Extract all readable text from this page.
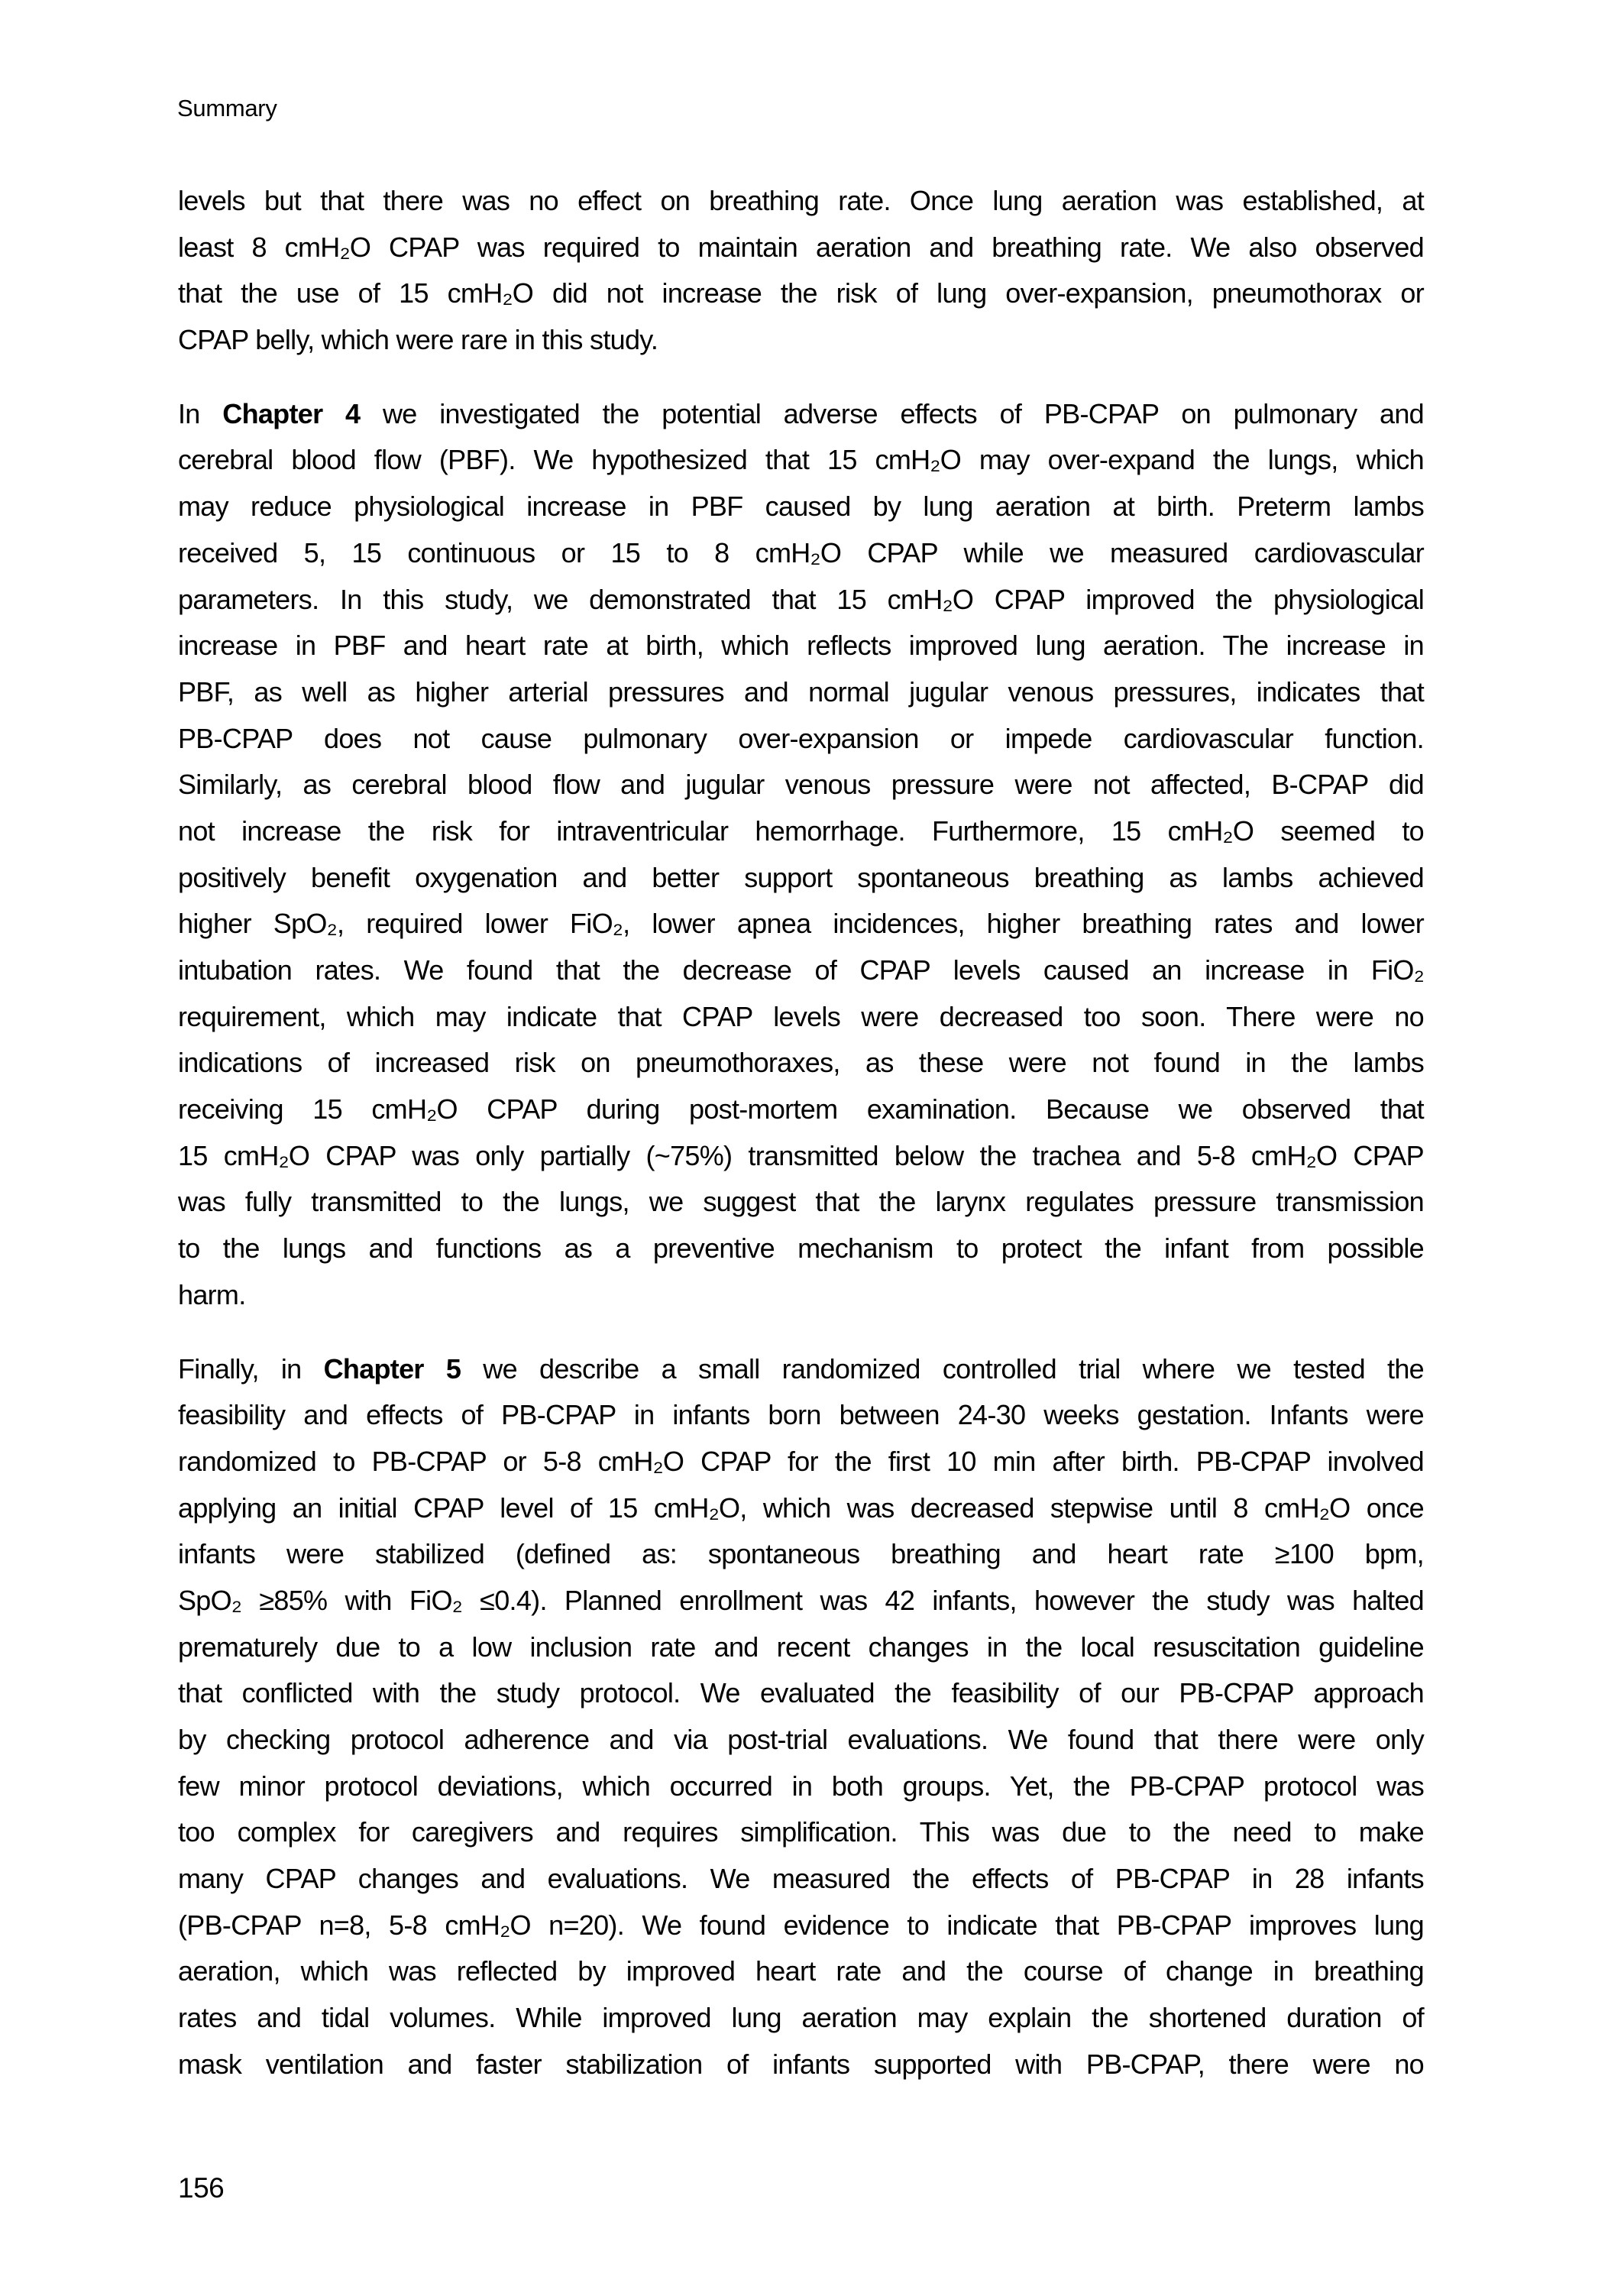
Summary
levels but that there was no effect on breathing rate. Once lung aeration was established, at
least 8 cmH₂O CPAP was required to maintain aeration and breathing rate. We also observed
that the use of 15 cmH₂O did not increase the risk of lung over-expansion, pneumothorax or
CPAP belly, which were rare in this study.
In Chapter 4 we investigated the potential adverse effects of PB-CPAP on pulmonary and
cerebral blood flow (PBF). We hypothesized that 15 cmH₂O may over-expand the lungs, which
may reduce physiological increase in PBF caused by lung aeration at birth. Preterm lambs
received 5, 15 continuous or 15 to 8 cmH₂O CPAP while we measured cardiovascular
parameters. In this study, we demonstrated that 15 cmH₂O CPAP improved the physiological
increase in PBF and heart rate at birth, which reflects improved lung aeration. The increase in
PBF, as well as higher arterial pressures and normal jugular venous pressures, indicates that
PB-CPAP does not cause pulmonary over-expansion or impede cardiovascular function.
Similarly, as cerebral blood flow and jugular venous pressure were not affected, B-CPAP did
not increase the risk for intraventricular hemorrhage. Furthermore, 15 cmH₂O seemed to
positively benefit oxygenation and better support spontaneous breathing as lambs achieved
higher SpO₂, required lower FiO₂, lower apnea incidences, higher breathing rates and lower
intubation rates. We found that the decrease of CPAP levels caused an increase in FiO₂
requirement, which may indicate that CPAP levels were decreased too soon. There were no
indications of increased risk on pneumothoraxes, as these were not found in the lambs
receiving 15 cmH₂O CPAP during post-mortem examination. Because we observed that
15 cmH₂O CPAP was only partially (~75%) transmitted below the trachea and 5-8 cmH₂O CPAP
was fully transmitted to the lungs, we suggest that the larynx regulates pressure transmission
to the lungs and functions as a preventive mechanism to protect the infant from possible
harm.
Finally, in Chapter 5 we describe a small randomized controlled trial where we tested the
feasibility and effects of PB-CPAP in infants born between 24-30 weeks gestation. Infants were
randomized to PB-CPAP or 5-8 cmH₂O CPAP for the first 10 min after birth. PB-CPAP involved
applying an initial CPAP level of 15 cmH₂O, which was decreased stepwise until 8 cmH₂O once
infants were stabilized (defined as: spontaneous breathing and heart rate ≥100 bpm,
SpO₂ ≥85% with FiO₂ ≤0.4). Planned enrollment was 42 infants, however the study was halted
prematurely due to a low inclusion rate and recent changes in the local resuscitation guideline
that conflicted with the study protocol. We evaluated the feasibility of our PB-CPAP approach
by checking protocol adherence and via post-trial evaluations. We found that there were only
few minor protocol deviations, which occurred in both groups. Yet, the PB-CPAP protocol was
too complex for caregivers and requires simplification. This was due to the need to make
many CPAP changes and evaluations. We measured the effects of PB-CPAP in 28 infants
(PB-CPAP n=8, 5-8 cmH₂O n=20). We found evidence to indicate that PB-CPAP improves lung
aeration, which was reflected by improved heart rate and the course of change in breathing
rates and tidal volumes. While improved lung aeration may explain the shortened duration of
mask ventilation and faster stabilization of infants supported with PB-CPAP, there were no
156
